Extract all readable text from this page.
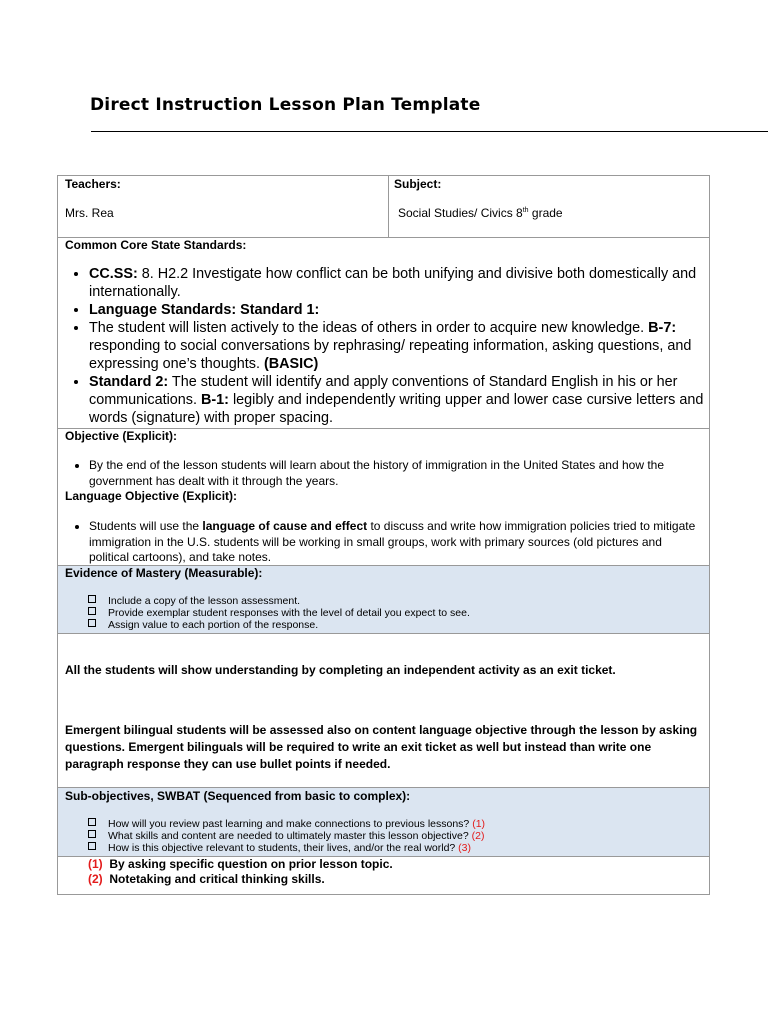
Direct Instruction Lesson Plan Template
Teachers:
Mrs. Rea
Subject:
Social Studies/ Civics 8th grade
Common Core State Standards:
• CC.SS: 8. H2.2 Investigate how conflict can be both unifying and divisive both domestically and internationally.
• Language Standards: Standard 1:
• The student will listen actively to the ideas of others in order to acquire new knowledge. B-7: responding to social conversations by rephrasing/ repeating information, asking questions, and expressing one’s thoughts. (BASIC)
• Standard 2: The student will identify and apply conventions of Standard English in his or her communications. B-1: legibly and independently writing upper and lower case cursive letters and words (signature) with proper spacing.
Objective (Explicit):
• By the end of the lesson students will learn about the history of immigration in the United States and how the government has dealt with it through the years.
Language Objective (Explicit):
• Students will use the language of cause and effect to discuss and write how immigration policies tried to mitigate immigration in the U.S. students will be working in small groups, work with primary sources (old pictures and political cartoons), and take notes.
Evidence of Mastery (Measurable):
Include a copy of the lesson assessment.
Provide exemplar student responses with the level of detail you expect to see.
Assign value to each portion of the response.
All the students will show understanding by completing an independent activity as an exit ticket.
Emergent bilingual students will be assessed also on content language objective through the lesson by asking questions. Emergent bilinguals will be required to write an exit ticket as well but instead than write one paragraph response they can use bullet points if needed.
Sub-objectives, SWBAT (Sequenced from basic to complex):
How will you review past learning and make connections to previous lessons? (1)
What skills and content are needed to ultimately master this lesson objective? (2)
How is this objective relevant to students, their lives, and/or the real world? (3)
(1) By asking specific question on prior lesson topic.
(2) Notetaking and critical thinking skills.
